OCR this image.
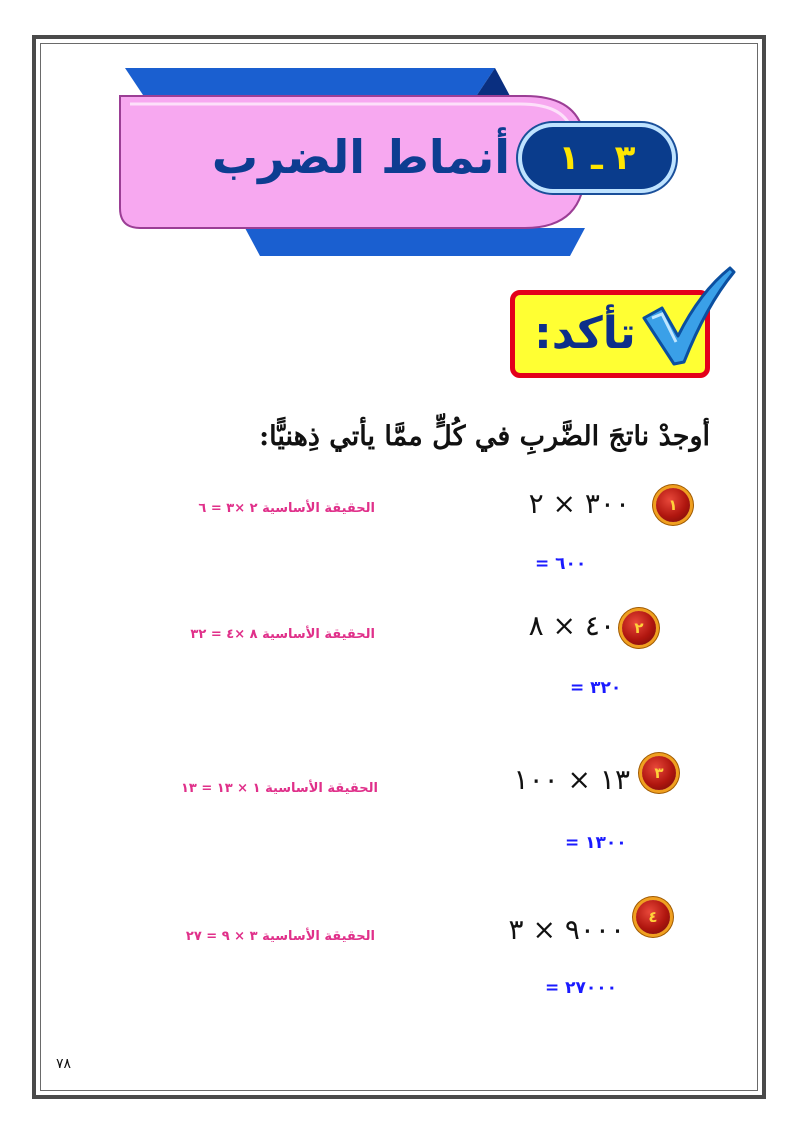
٣ ـ ١
أنماط الضرب
تأكد:
أوجدْ ناتجَ الضَّربِ في كُلٍّ ممَّا يأتي ذِهنيًّا:
١
٣٠٠ × ٢
= ٦٠٠
الحقيقة الأساسية ٢ ×٣ = ٦
٢
٤٠ × ٨
= ٣٢٠
الحقيقة الأساسية ٨ ×٤ = ٣٢
٣
١٣ × ١٠٠
= ١٣٠٠
الحقيقة الأساسية ١ × ١٣ = ١٣
٤
٩٠٠٠ × ٣
= ٢٧٠٠٠
الحقيقة الأساسية ٣ × ٩ = ٢٧
٧٨
